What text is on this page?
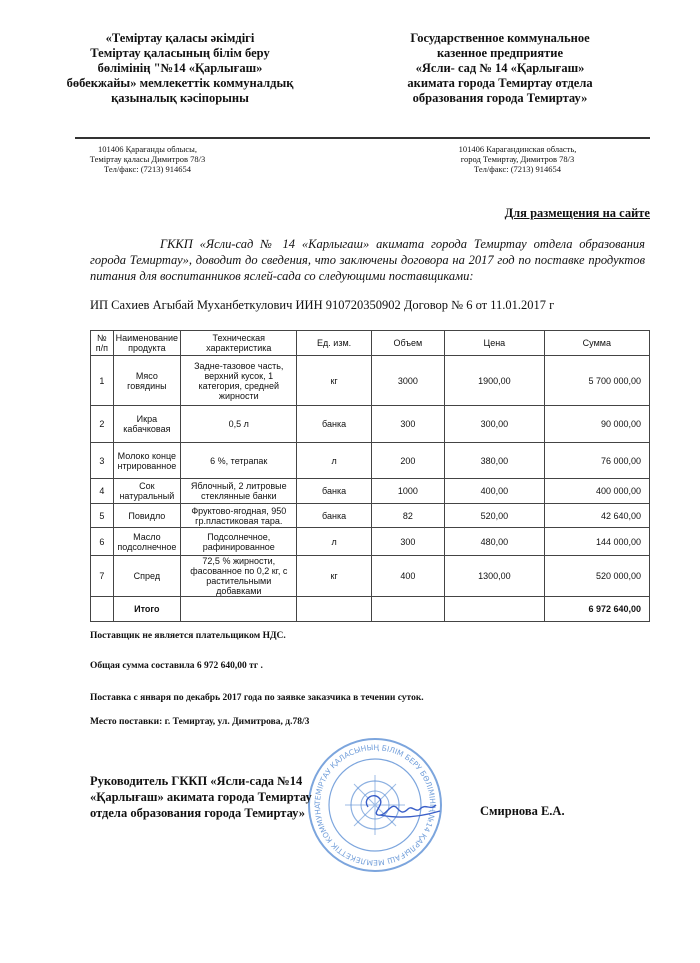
«Теміртау қаласы әкімдігі
Теміртау қаласының білім беру
бөлімінің "№14 «Қарлығаш»
бөбекжайы» мемлекеттік коммуналдық
қазыналық кәсіпорыны
Государственное коммунальное
казенное предприятие
«Ясли- сад № 14 «Қарлығаш»
акимата города Темиртау отдела
образования города Темиртау»
101406 Қарағанды облысы,
Теміртау қаласы Димитров 78/3
Тел/факс: (7213) 914654
101406 Карагандинская область,
город Темиртау, Димитров 78/3
Тел/факс: (7213) 914654
Для размещения на сайте
ГККП «Ясли-сад № 14 «Карлыгаш» акимата города Темиртау отдела образования города Темиртау», доводит до сведения, что заключены договора на 2017 год по поставке продуктов питания для воспитанников яслей-сада со следующими поставщиками:
ИП Сахиев Агыбай Муханбеткулович ИИН 910720350902 Договор № 6 от 11.01.2017 г
№ п/п	Наименование продукта	Техническая характеристика	Ед. изм.	Объем	Цена	Сумма
1	Мясо говядины	Задне-тазовое часть, верхний кусок, 1 категория, средней жирности	кг	3000	1900,00	5 700 000,00
2	Икра кабачковая	0,5 л	банка	300	300,00	90 000,00
3	Молоко концентрированное	6 %, тетрапак	л	200	380,00	76 000,00
4	Сок натуральный	Яблочный, 2 литровые стеклянные банки	банка	1000	400,00	400 000,00
5	Повидло	Фруктово-ягодная, 950 гр.пластиковая тара.	банка	82	520,00	42 640,00
6	Масло подсолнечное	Подсолнечное, рафинированное	л	300	480,00	144 000,00
7	Спред	72,5 % жирности, фасованное по 0,2 кг, с растительными добавками	кг	400	1300,00	520 000,00
	Итого					6 972 640,00
Поставщик не является плательщиком НДС.
Общая сумма составила 6 972 640,00 тг .
Поставка с января по декабрь 2017 года по заявке заказчика в течении суток.
Место поставки: г. Темиртау, ул. Димитрова, д.78/3
ТЕМІРТАУ ҚАЛАСЫНЫҢ БІЛІМ БЕРУ БӨЛІМІНІҢ №14 ҚАРЛЫҒАШ МЕМЛЕКЕТТІК КОММУНА
Руководитель ГККП «Ясли-сада №14
«Қарлығаш» акимата города Темиртау
отдела образования города Темиртау»	Смирнова Е.А.
